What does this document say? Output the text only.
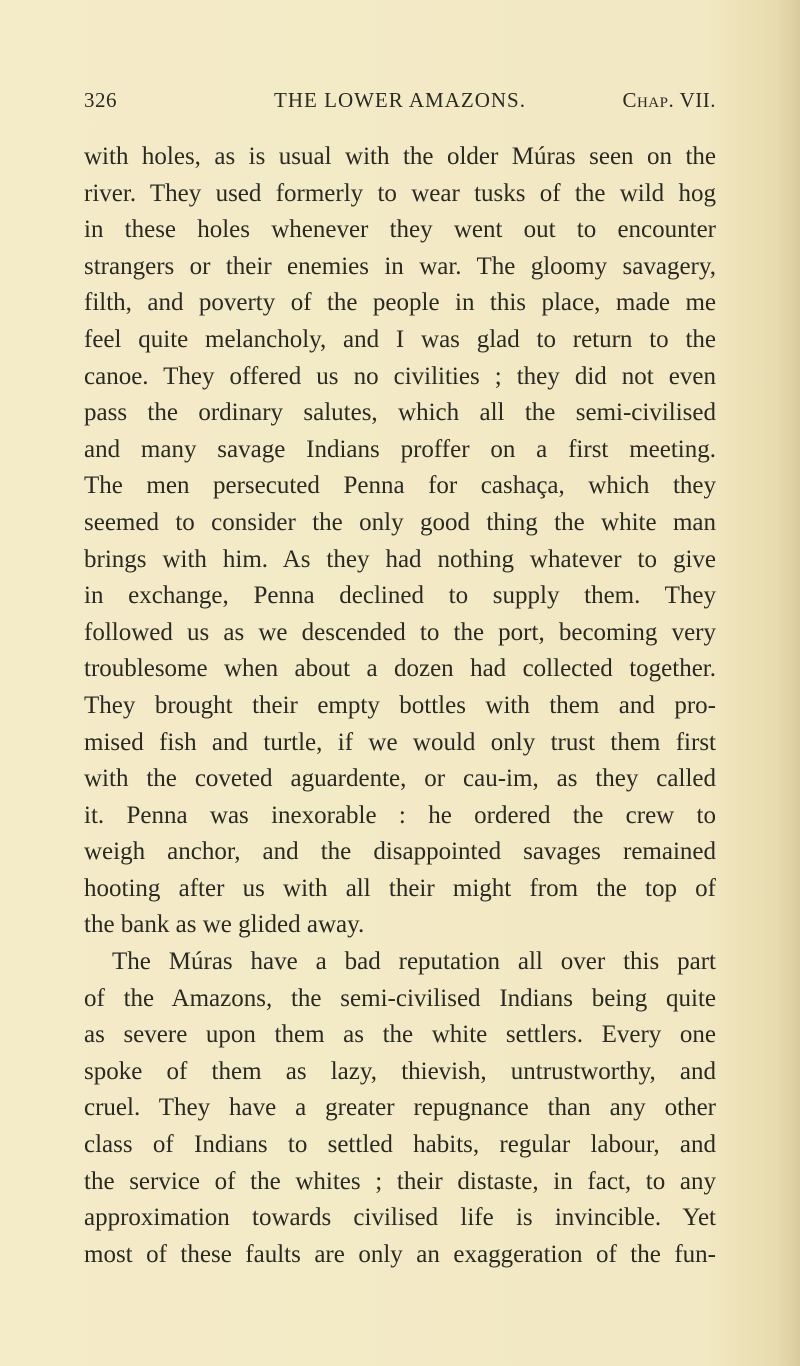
326	THE LOWER AMAZONS.	Chap. VII.
with holes, as is usual with the older Múras seen on the
river. They used formerly to wear tusks of the wild hog
in these holes whenever they went out to encounter
strangers or their enemies in war. The gloomy savagery,
filth, and poverty of the people in this place, made me
feel quite melancholy, and I was glad to return to the
canoe. They offered us no civilities ; they did not even
pass the ordinary salutes, which all the semi-civilised
and many savage Indians proffer on a first meeting.
The men persecuted Penna for cashaça, which they
seemed to consider the only good thing the white man
brings with him. As they had nothing whatever to give
in exchange, Penna declined to supply them. They
followed us as we descended to the port, becoming very
troublesome when about a dozen had collected together.
They brought their empty bottles with them and pro-
mised fish and turtle, if we would only trust them first
with the coveted aguardente, or cau-im, as they called
it. Penna was inexorable : he ordered the crew to
weigh anchor, and the disappointed savages remained
hooting after us with all their might from the top of
the bank as we glided away.
The Múras have a bad reputation all over this part
of the Amazons, the semi-civilised Indians being quite
as severe upon them as the white settlers. Every one
spoke of them as lazy, thievish, untrustworthy, and
cruel. They have a greater repugnance than any other
class of Indians to settled habits, regular labour, and
the service of the whites ; their distaste, in fact, to any
approximation towards civilised life is invincible. Yet
most of these faults are only an exaggeration of the fun-
